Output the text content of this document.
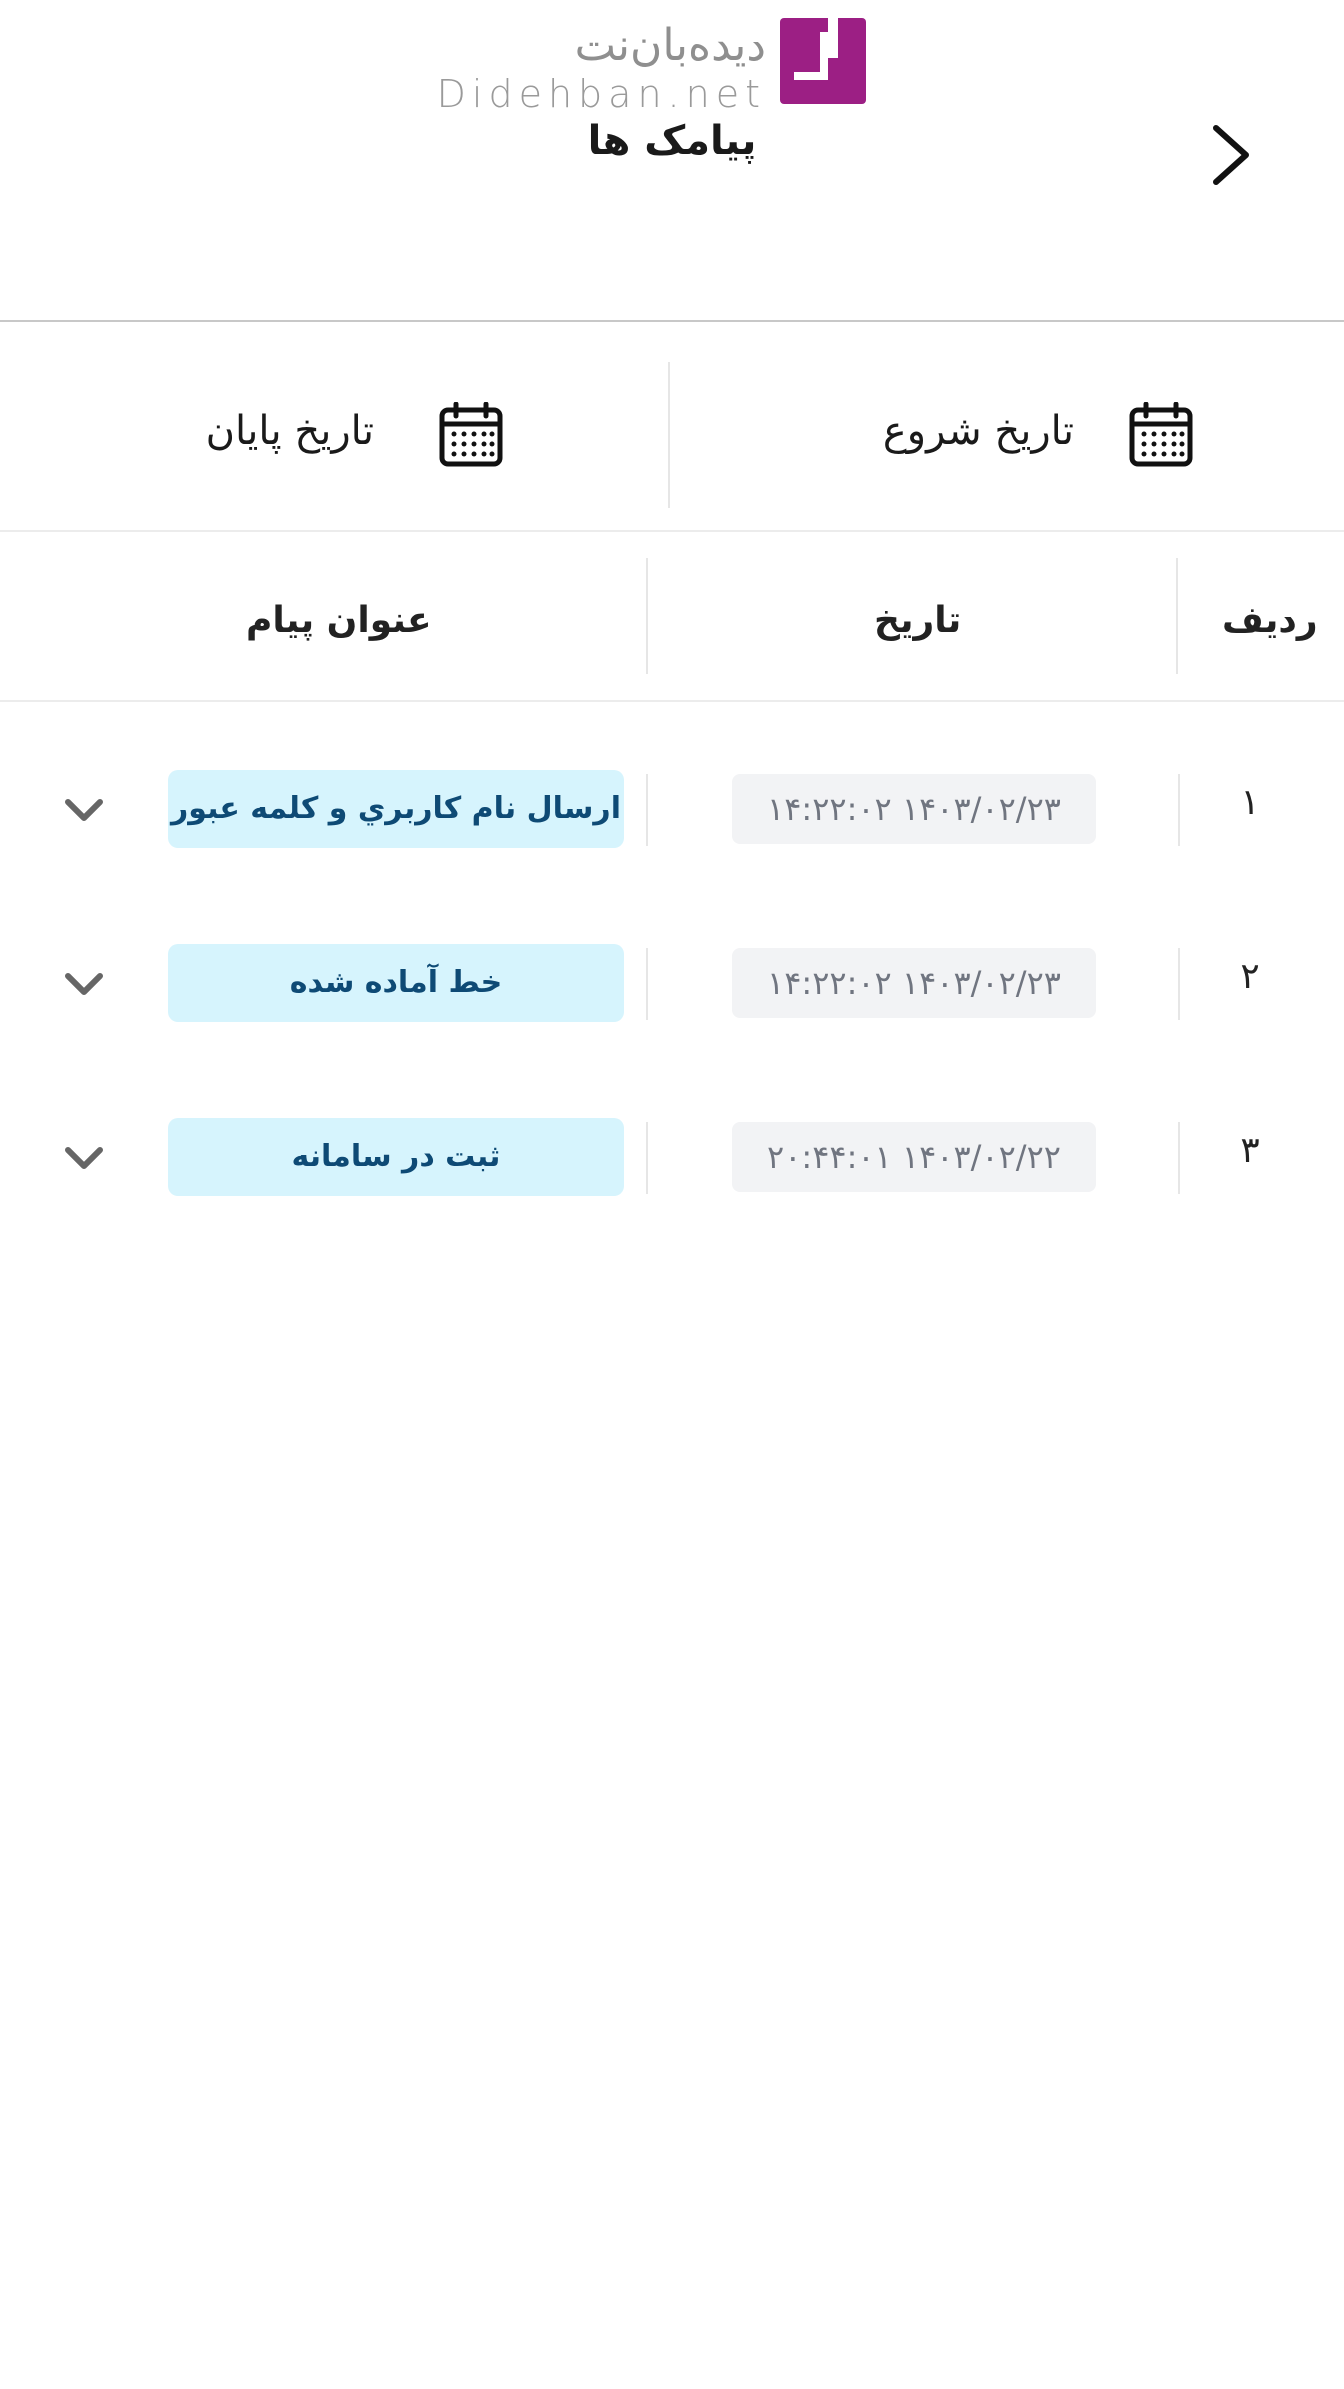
دیده‌بان‌نت
Didehban.net
پیامک ها
تاریخ شروع
تاریخ پایان
ردیف
تاریخ
عنوان پیام
۱
۱۴۰۳/۰۲/۲۳ ۱۴:۲۲:۰۲
ارسال نام کاربري و کلمه عبور
۲
۱۴۰۳/۰۲/۲۳ ۱۴:۲۲:۰۲
خط آماده شده
۳
۱۴۰۳/۰۲/۲۲ ۲۰:۴۴:۰۱
ثبت در سامانه
